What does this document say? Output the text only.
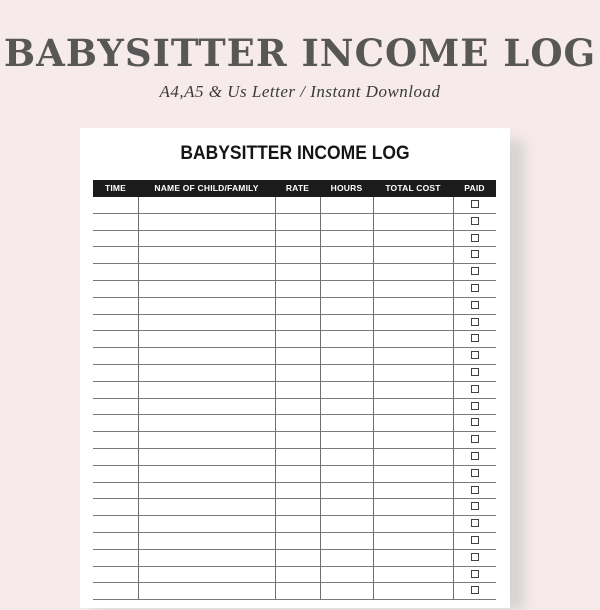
BABYSITTER INCOME LOG

A4,A5 & Us Letter / Instant Download

BABYSITTER INCOME LOG
TIME	NAME OF CHILD/FAMILY	RATE	HOURS	TOTAL COST	PAID
